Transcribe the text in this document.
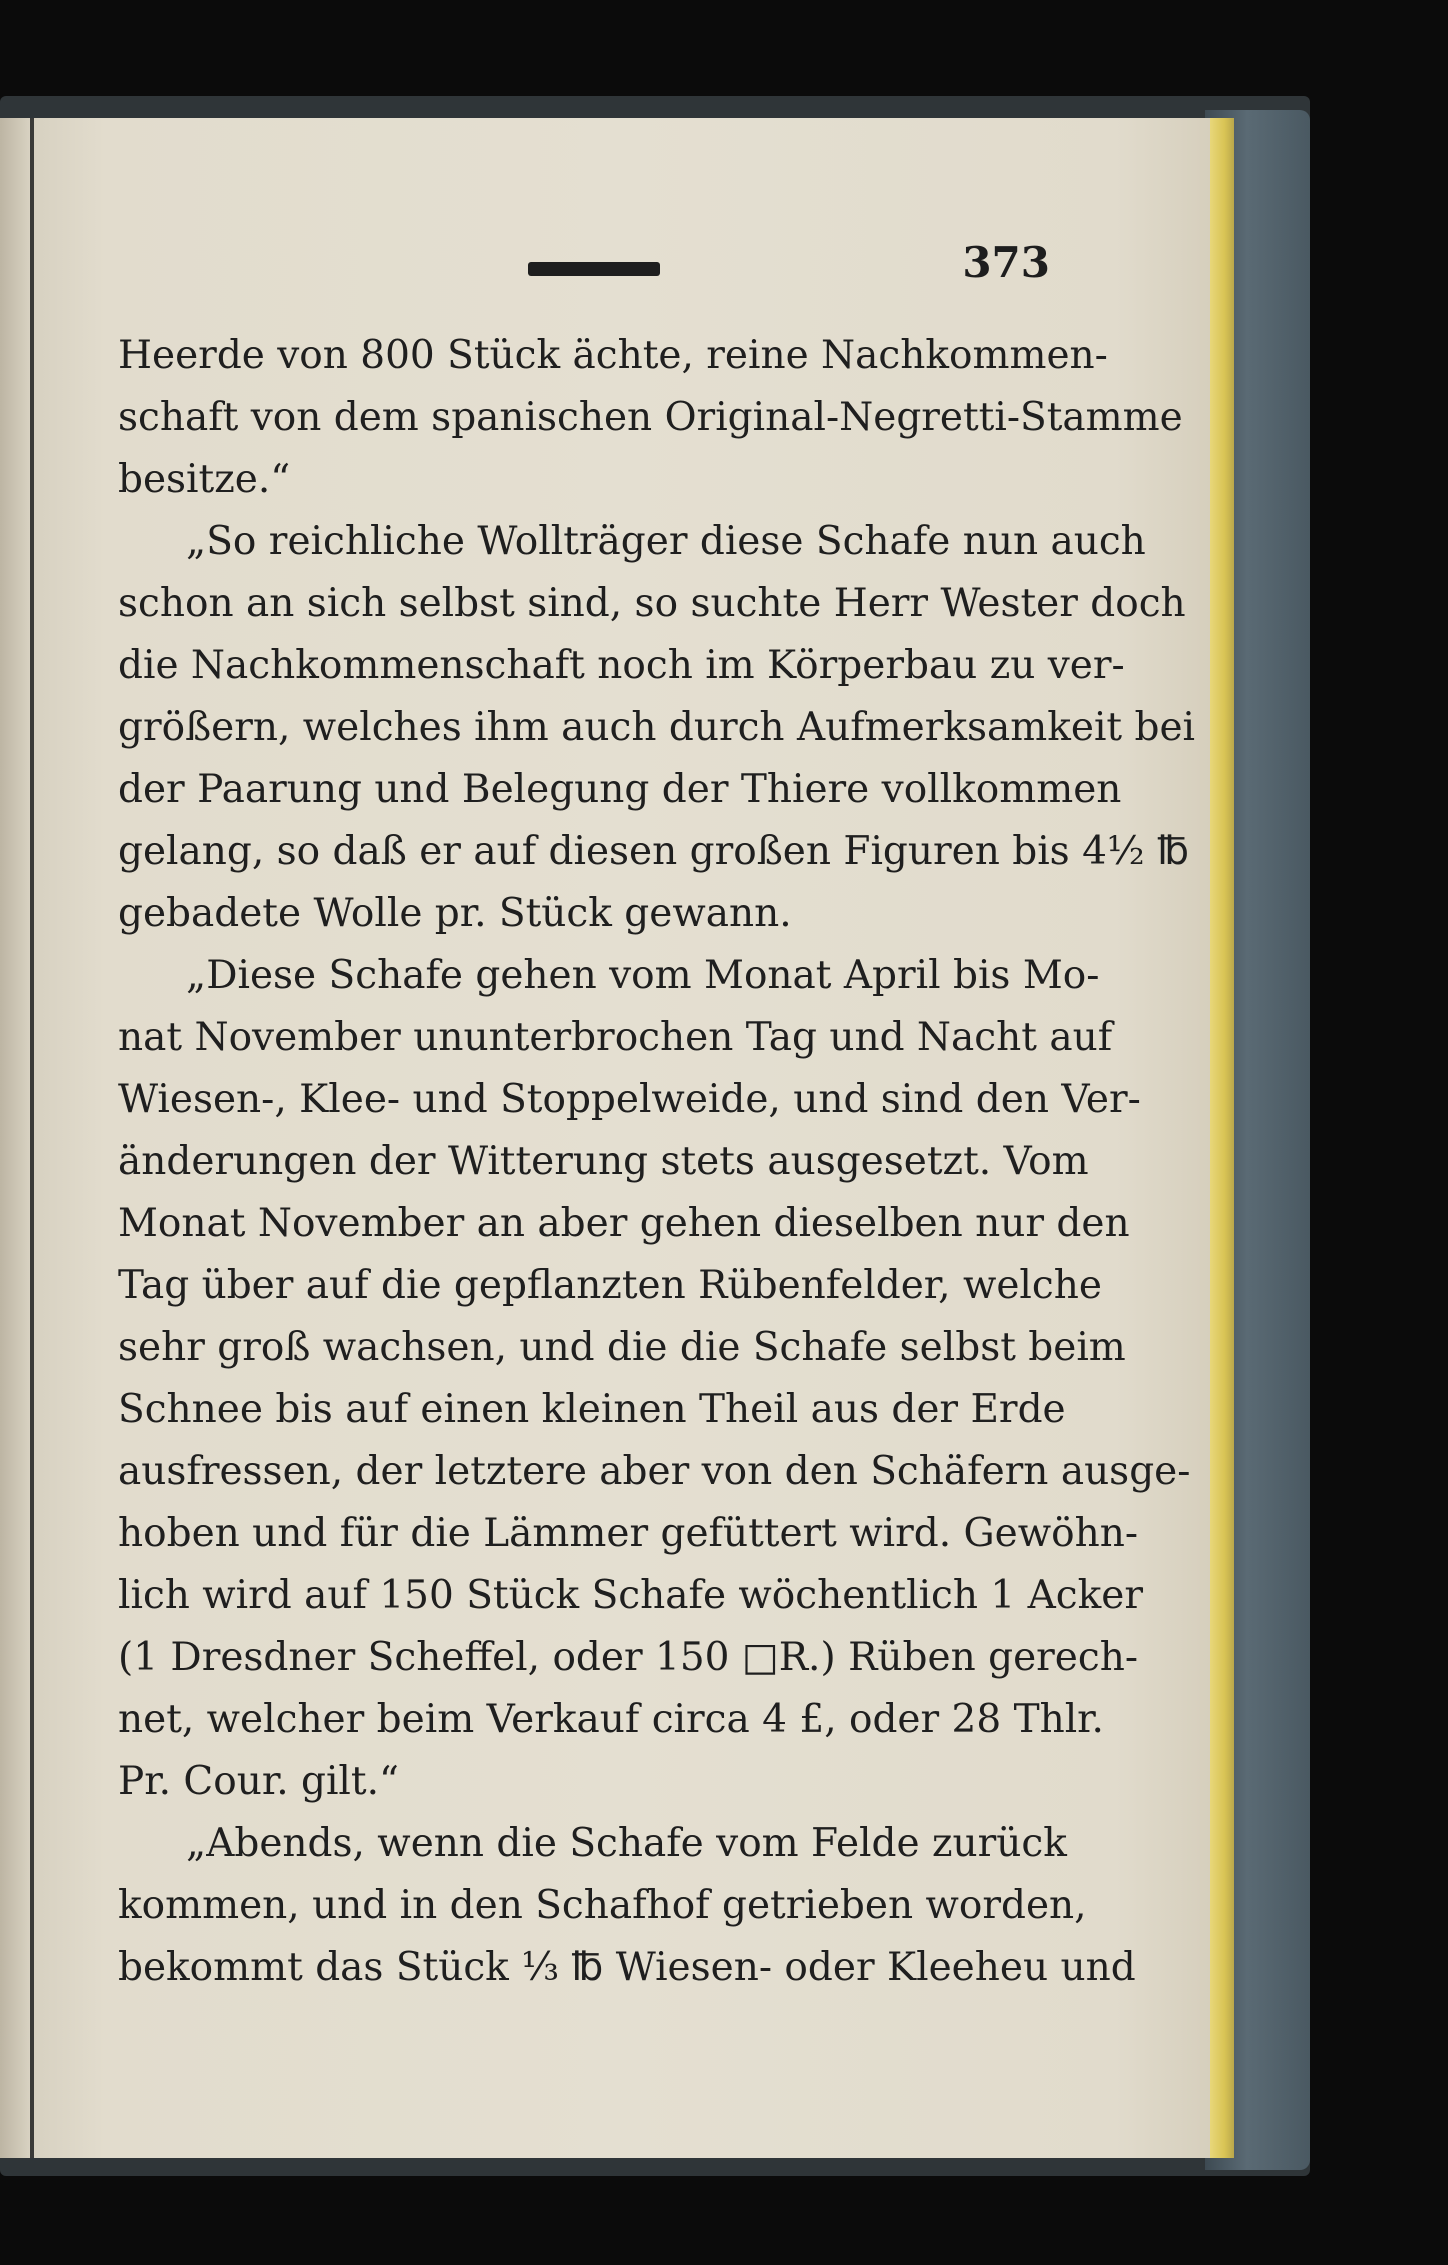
373
Heerde von 800 Stück ächte, reine Nachkommen-
schaft von dem spanischen Original-Negretti-Stamme
besitze.“
„So reichliche Wollträger diese Schafe nun auch
schon an sich selbst sind, so suchte Herr Wester doch
die Nachkommenschaft noch im Körperbau zu ver-
größern, welches ihm auch durch Aufmerksamkeit bei
der Paarung und Belegung der Thiere vollkommen
gelang, so daß er auf diesen großen Figuren bis 4½ ℔
gebadete Wolle pr. Stück gewann.
„Diese Schafe gehen vom Monat April bis Mo-
nat November ununterbrochen Tag und Nacht auf
Wiesen-, Klee- und Stoppelweide, und sind den Ver-
änderungen der Witterung stets ausgesetzt. Vom
Monat November an aber gehen dieselben nur den
Tag über auf die gepflanzten Rübenfelder, welche
sehr groß wachsen, und die die Schafe selbst beim
Schnee bis auf einen kleinen Theil aus der Erde
ausfressen, der letztere aber von den Schäfern ausge-
hoben und für die Lämmer gefüttert wird. Gewöhn-
lich wird auf 150 Stück Schafe wöchentlich 1 Acker
(1 Dresdner Scheffel, oder 150 □R.) Rüben gerech-
net, welcher beim Verkauf circa 4 £, oder 28 Thlr.
Pr. Cour. gilt.“
„Abends, wenn die Schafe vom Felde zurück
kommen, und in den Schafhof getrieben worden,
bekommt das Stück ⅓ ℔ Wiesen- oder Kleeheu und
